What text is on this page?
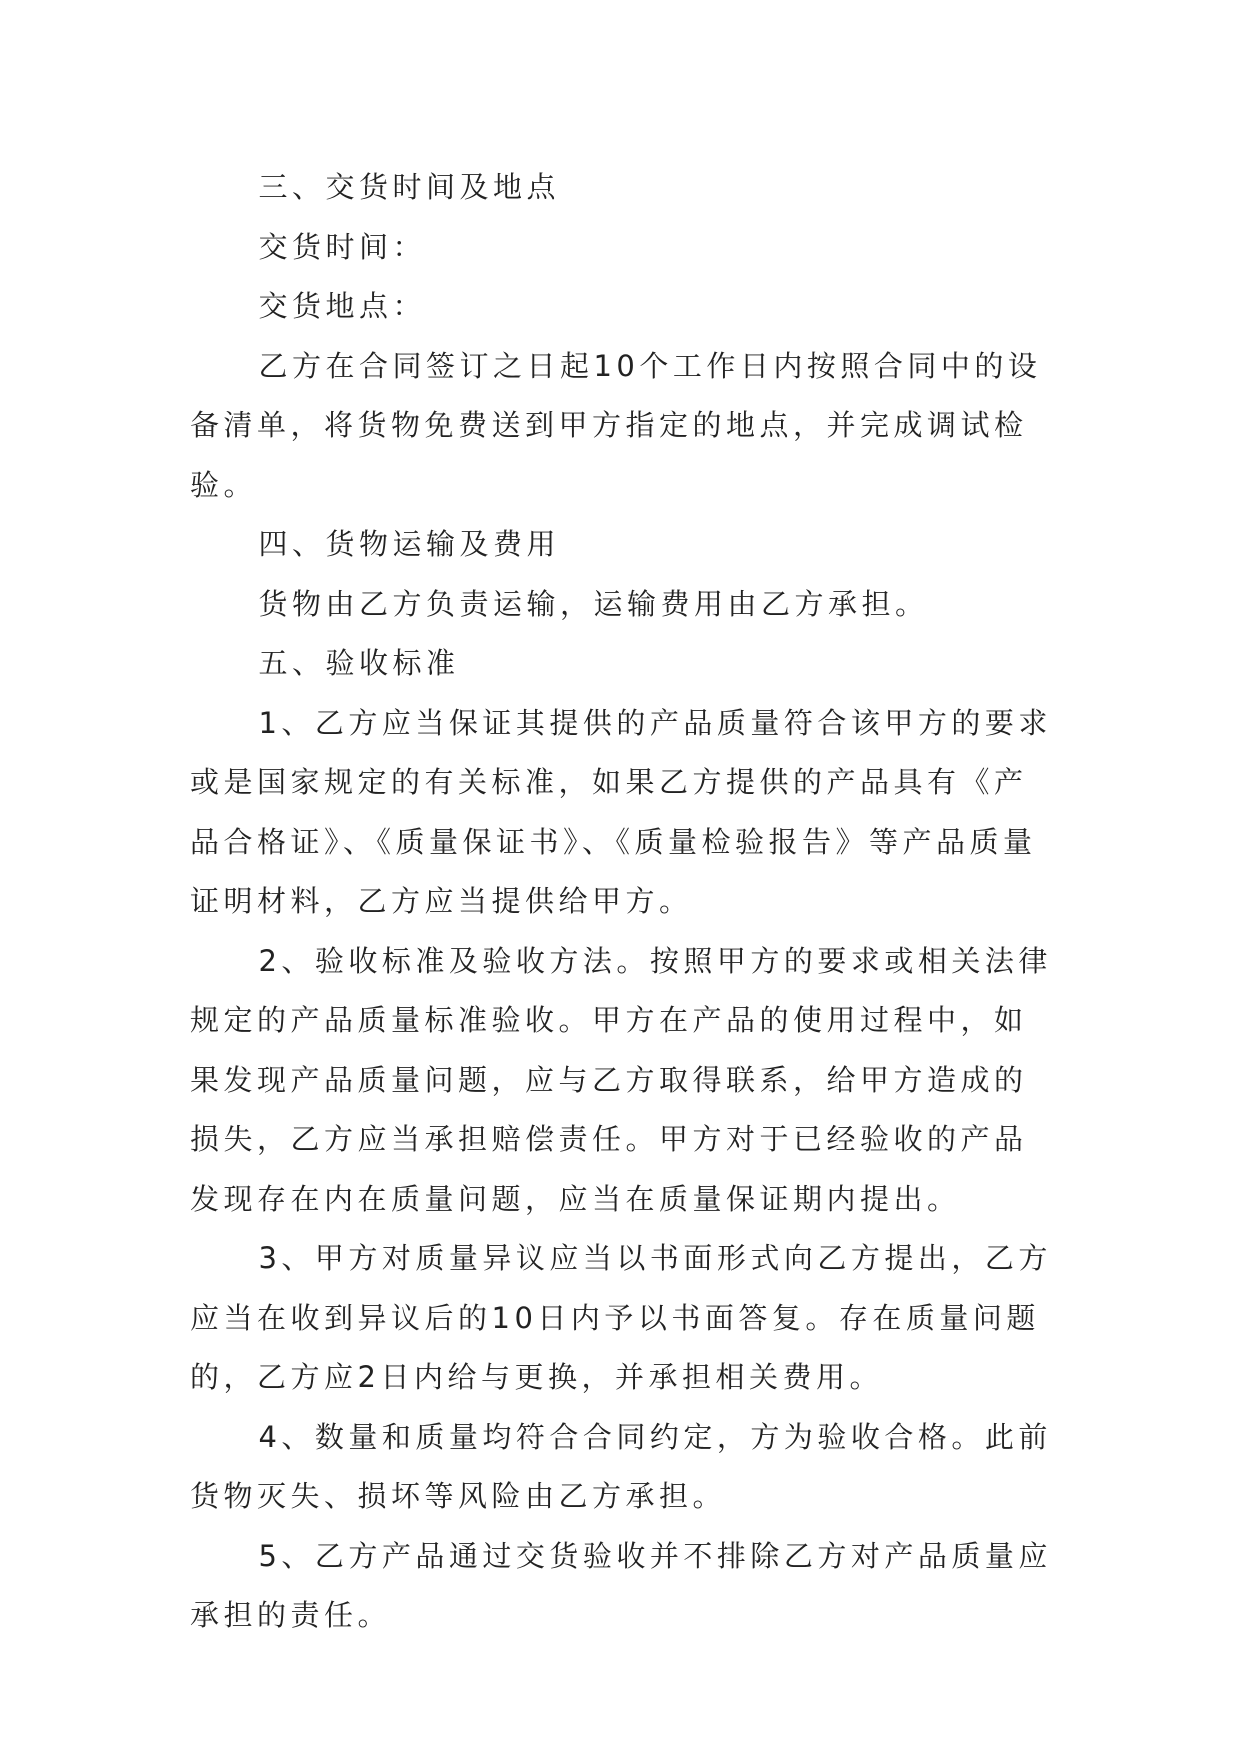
三、交货时间及地点

交货时间：

交货地点：

乙方在合同签订之日起10个工作日内按照合同中的设备清单，将货物免费送到甲方指定的地点，并完成调试检验。

四、货物运输及费用

货物由乙方负责运输，运输费用由乙方承担。

五、验收标准

1、乙方应当保证其提供的产品质量符合该甲方的要求或是国家规定的有关标准，如果乙方提供的产品具有《产品合格证》、《质量保证书》、《质量检验报告》等产品质量证明材料，乙方应当提供给甲方。

2、验收标准及验收方法。按照甲方的要求或相关法律规定的产品质量标准验收。甲方在产品的使用过程中，如果发现产品质量问题，应与乙方取得联系，给甲方造成的损失，乙方应当承担赔偿责任。甲方对于已经验收的产品发现存在内在质量问题，应当在质量保证期内提出。

3、甲方对质量异议应当以书面形式向乙方提出，乙方应当在收到异议后的10日内予以书面答复。存在质量问题的，乙方应2日内给与更换，并承担相关费用。

4、数量和质量均符合合同约定，方为验收合格。此前货物灭失、损坏等风险由乙方承担。

5、乙方产品通过交货验收并不排除乙方对产品质量应承担的责任。
